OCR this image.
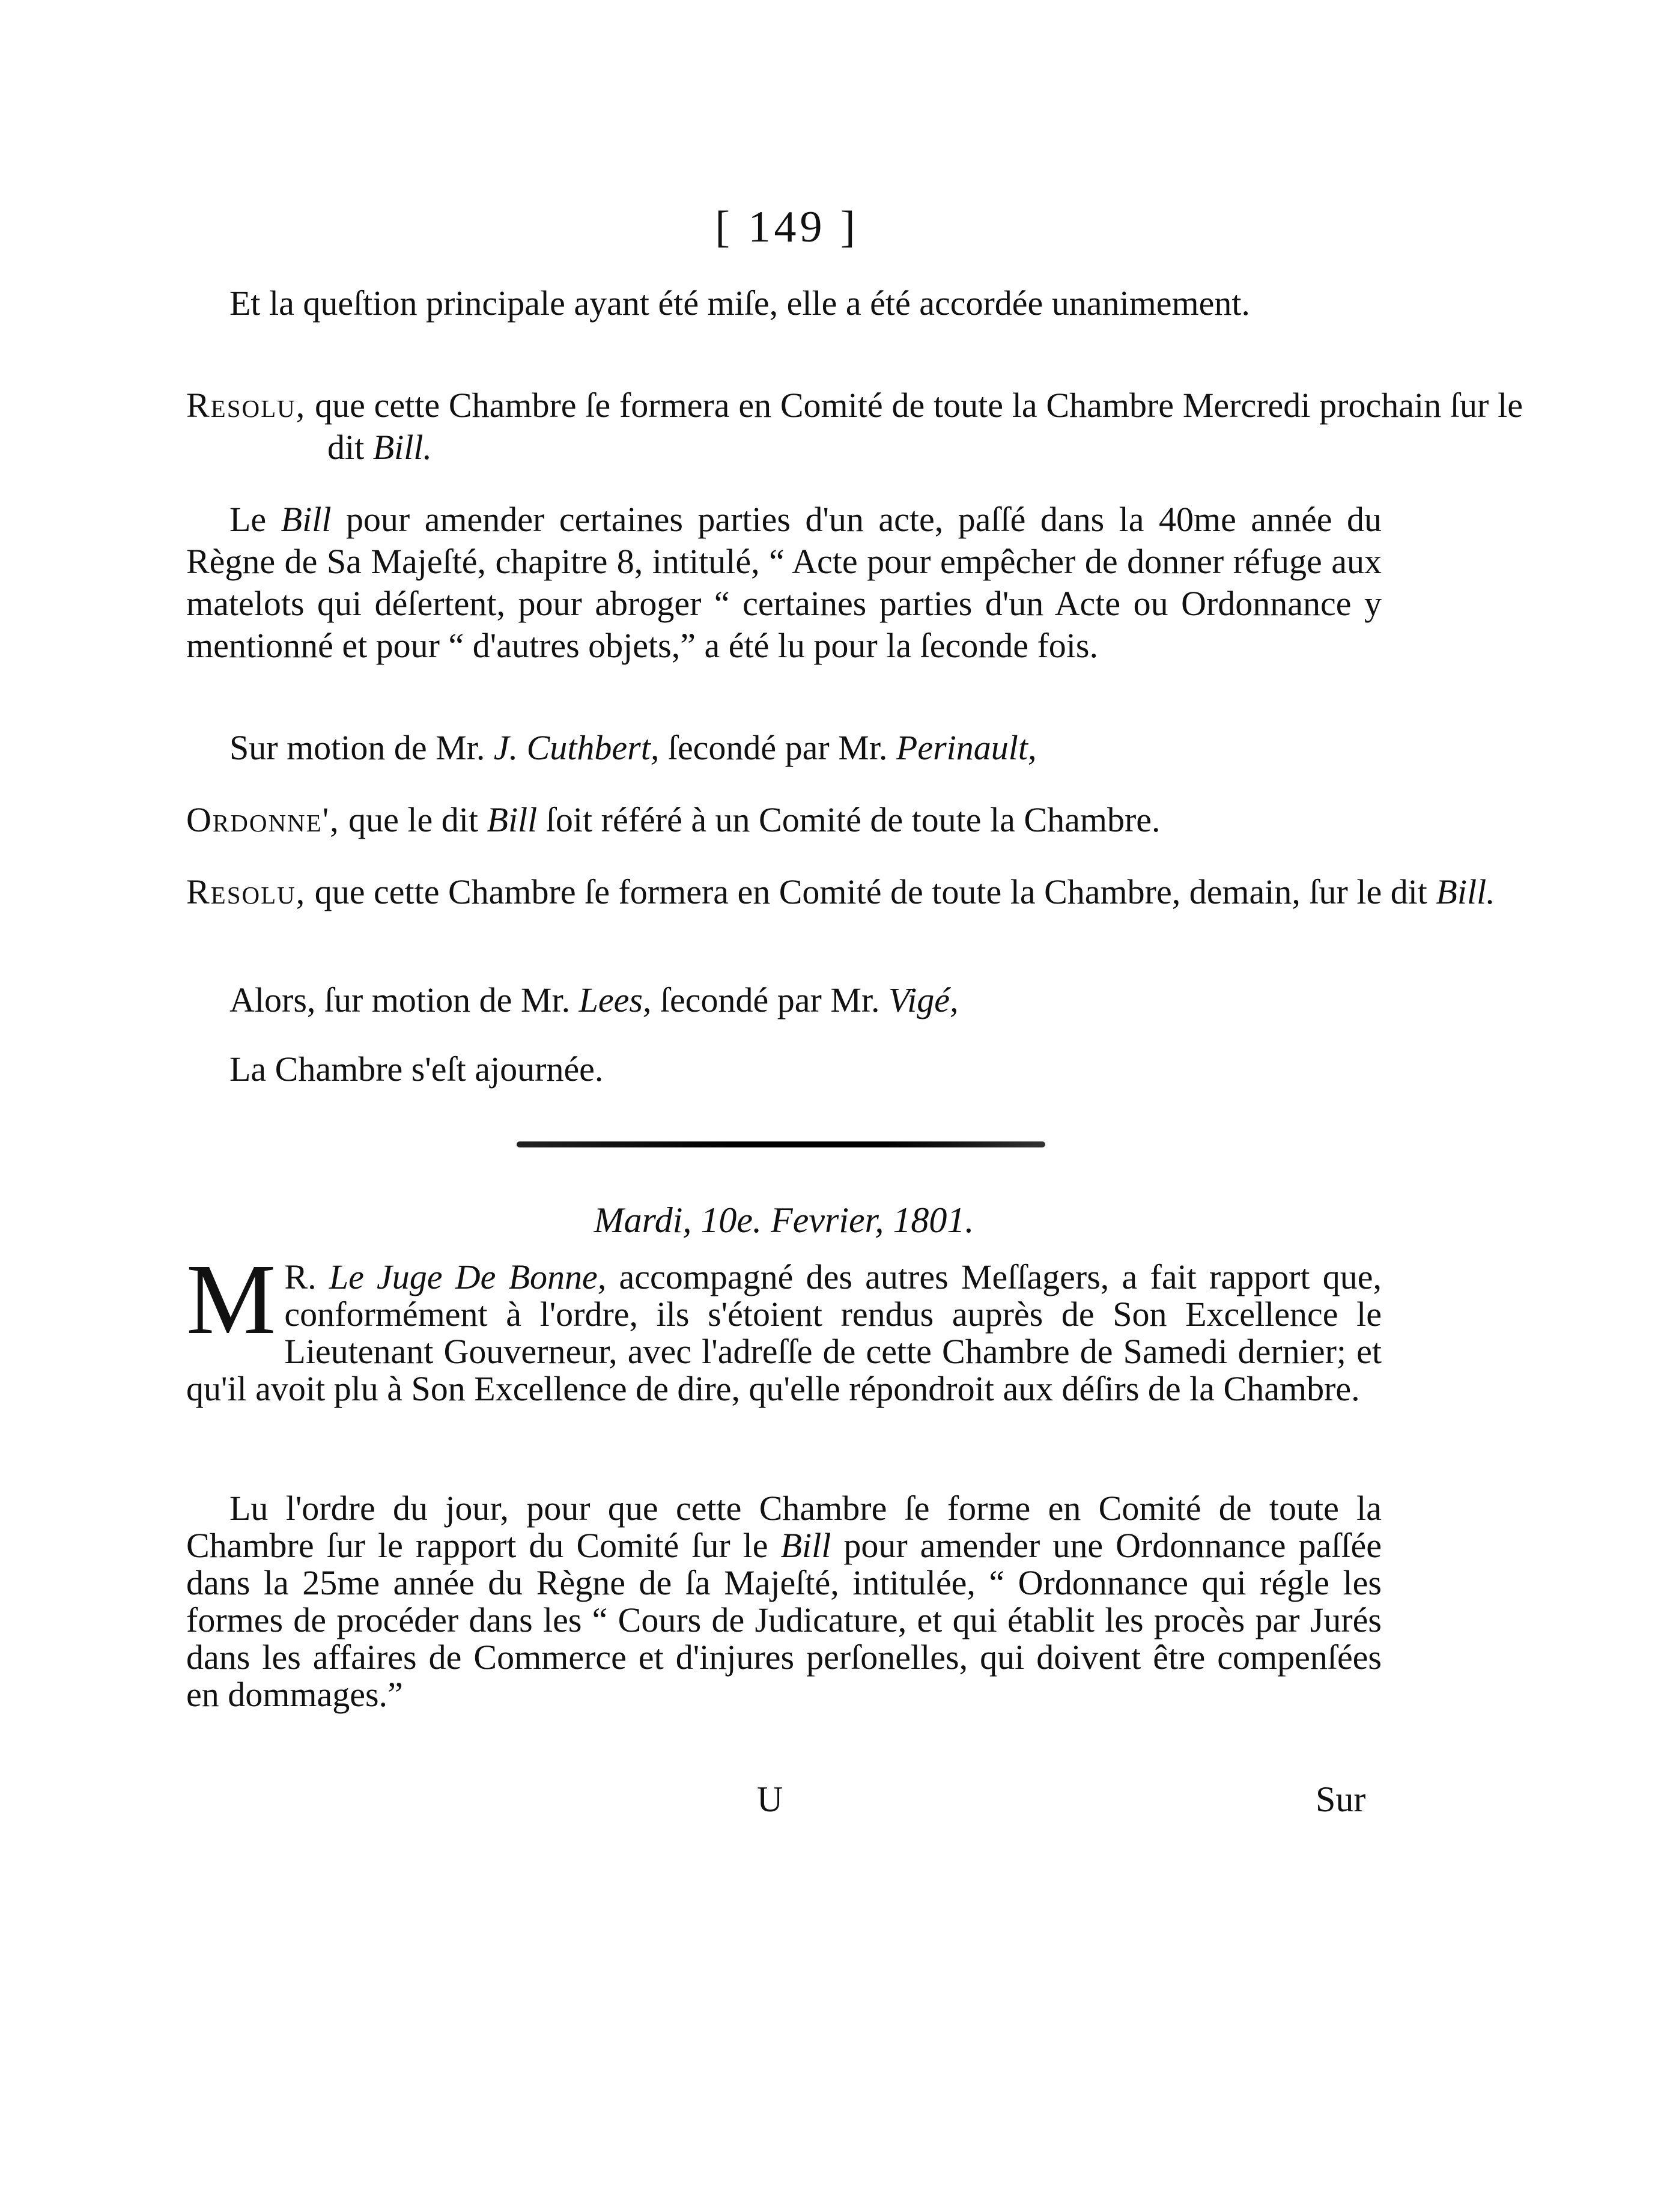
[ 149 ]

Et la queſtion principale ayant été miſe, elle a été accordée unanimement.

Resolu, que cette Chambre ſe formera en Comité de toute la Chambre Mercredi prochain ſur le dit Bill.

Le Bill pour amender certaines parties d'un acte, paſſé dans la 40me année du Règne de Sa Majeſté, chapitre 8, intitulé, “ Acte pour empêcher de donner réfuge aux matelots qui déſertent, pour abroger “ certaines parties d'un Acte ou Ordonnance y mentionné et pour “ d'autres objets,” a été lu pour la ſeconde fois.

Sur motion de Mr. J. Cuthbert, ſecondé par Mr. Perinault,

Ordonne', que le dit Bill ſoit référé à un Comité de toute la Chambre.

Resolu, que cette Chambre ſe formera en Comité de toute la Chambre, demain, ſur le dit Bill.

Alors, ſur motion de Mr. Lees, ſecondé par Mr. Vigé,

La Chambre s'eſt ajournée.

Mardi, 10e. Fevrier, 1801.

M R. Le Juge De Bonne, accompagné des autres Meſſagers, a fait rapport que, conformément à l'ordre, ils s'étoient rendus auprès de Son Excellence le Lieutenant Gouverneur, avec l'adreſſe de cette Chambre de Samedi dernier; et qu'il avoit plu à Son Excellence de dire, qu'elle répondroit aux déſirs de la Chambre.

Lu l'ordre du jour, pour que cette Chambre ſe forme en Comité de toute la Chambre ſur le rapport du Comité ſur le Bill pour amender une Ordonnance paſſée dans la 25me année du Règne de ſa Majeſté, intitulée, “ Ordonnance qui régle les formes de procéder dans les “ Cours de Judicature, et qui établit les procès par Jurés dans les affaires de Commerce et d'injures perſonelles, qui doivent être compenſées en dommages.”

U	Sur
